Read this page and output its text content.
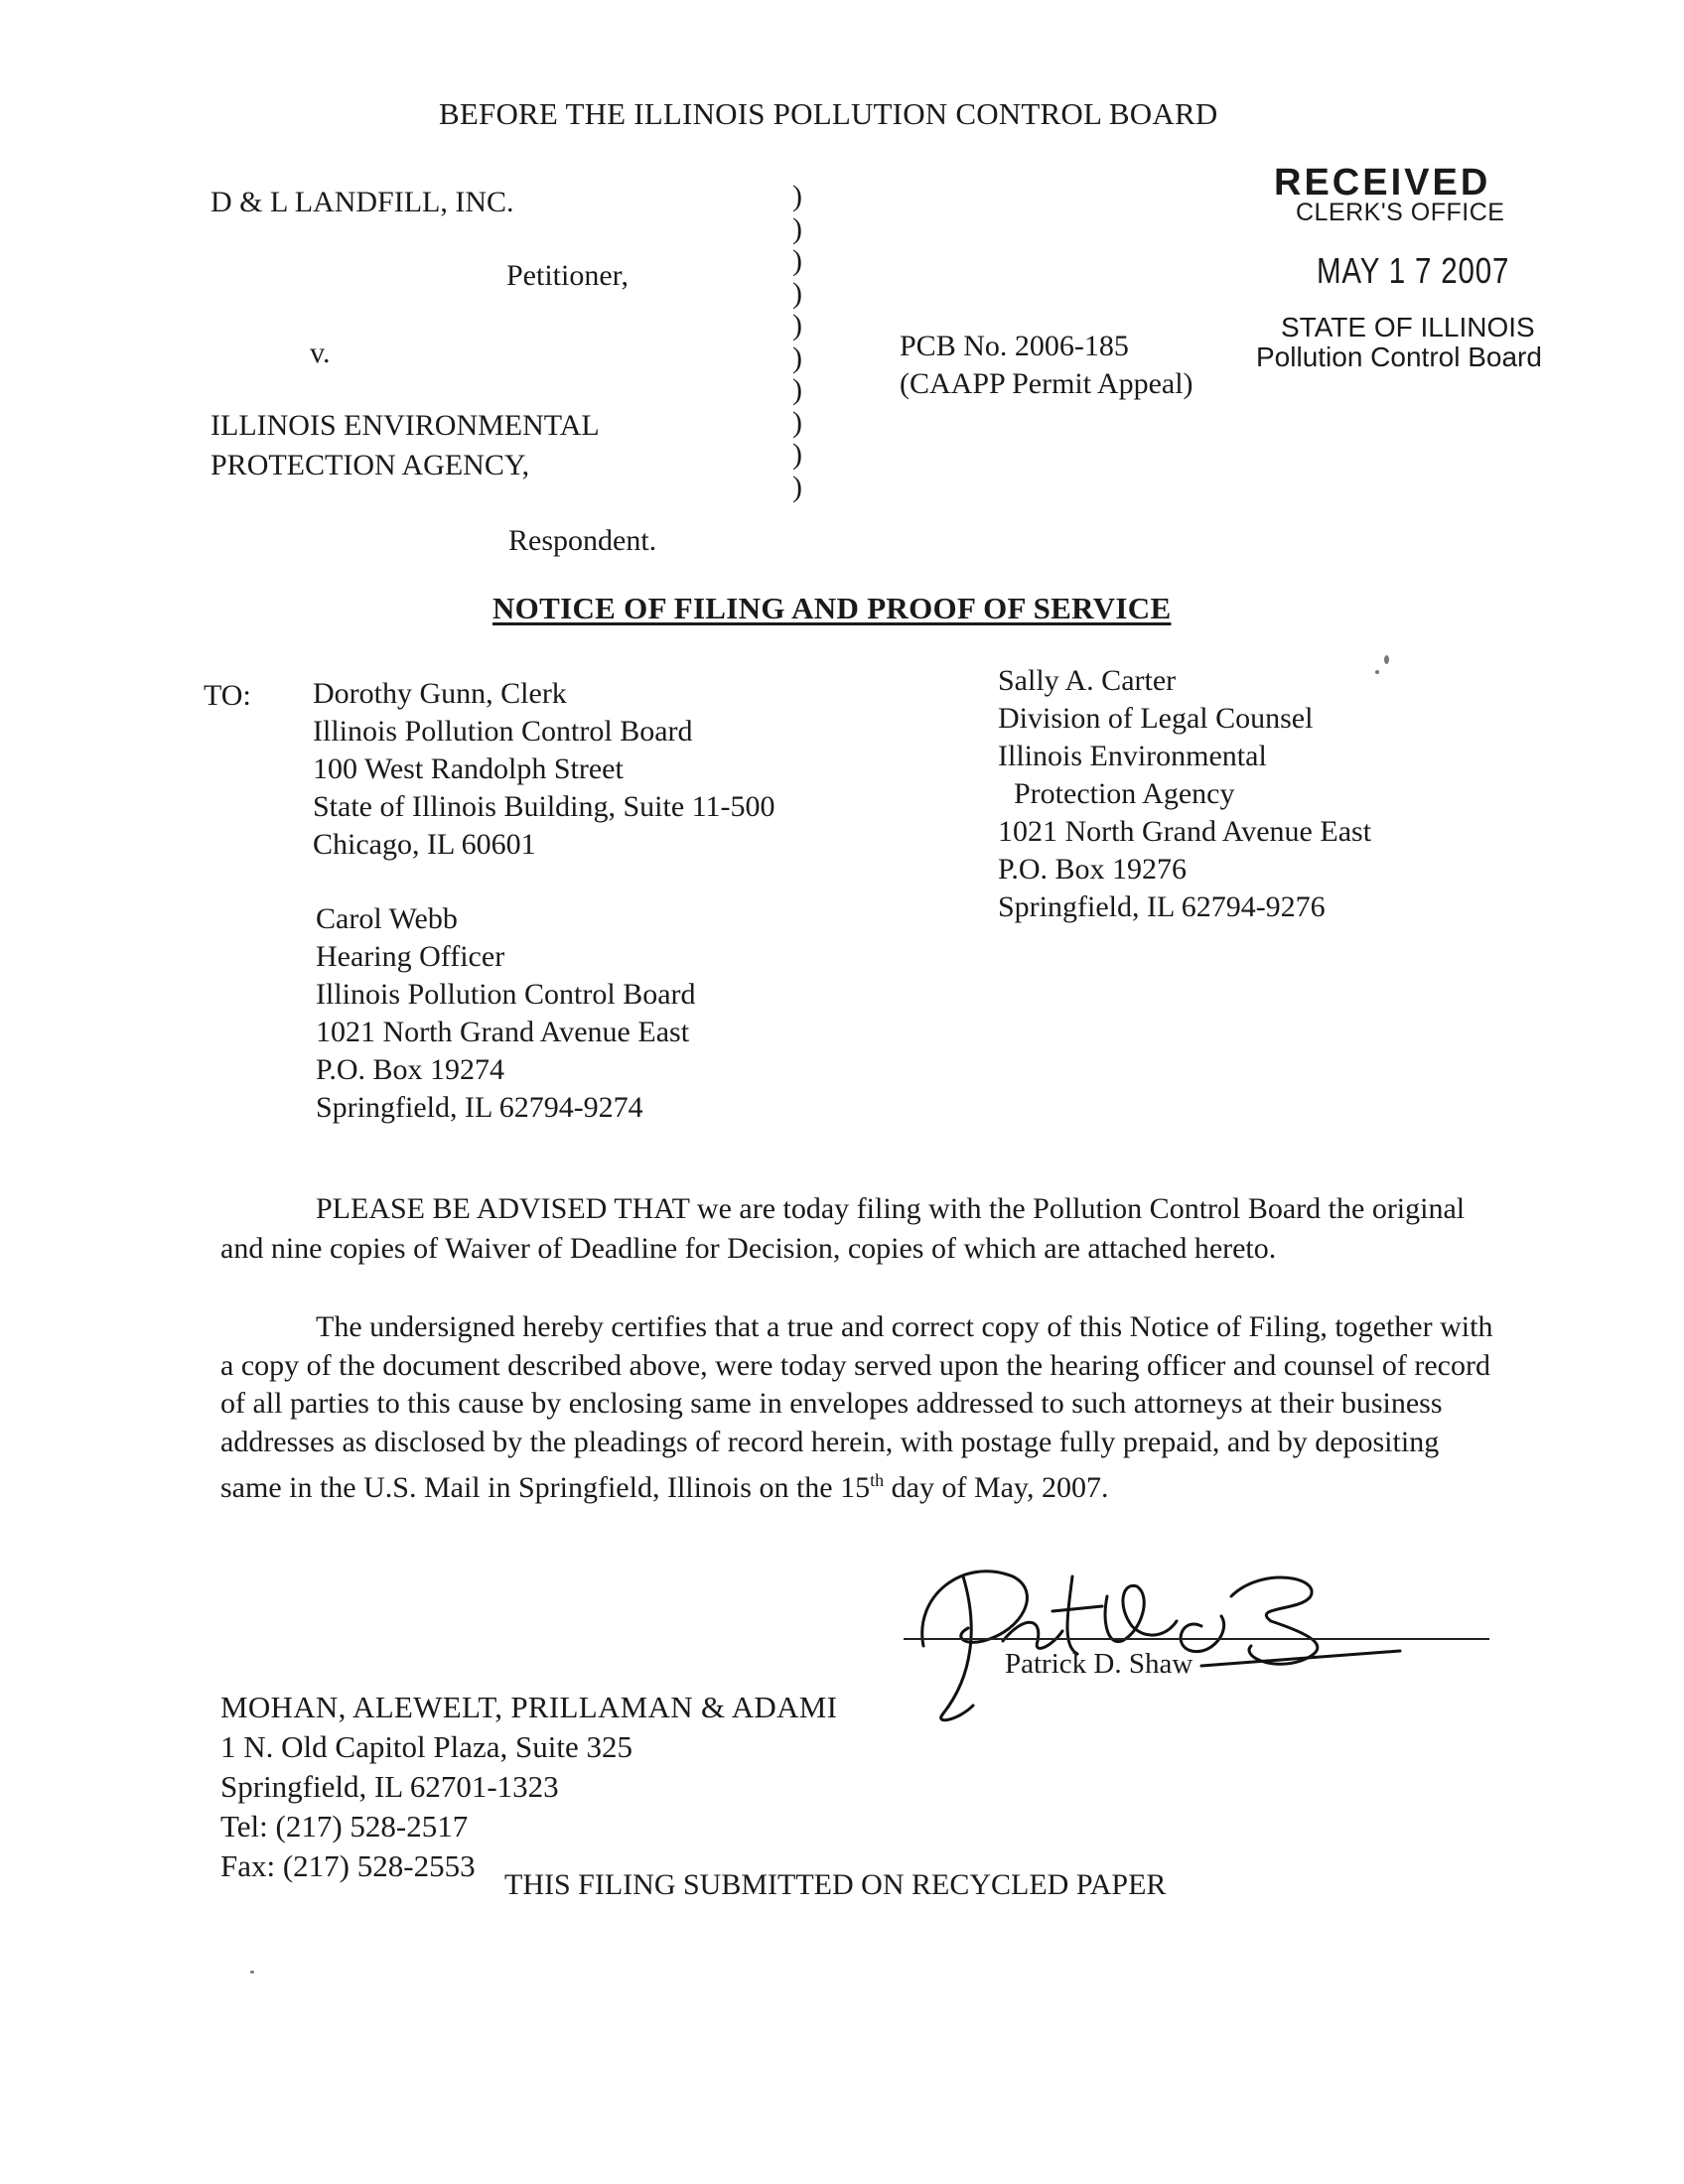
BEFORE THE ILLINOIS POLLUTION CONTROL BOARD
D & L LANDFILL, INC.
Petitioner,
v.
ILLINOIS ENVIRONMENTAL
PROTECTION AGENCY,
Respondent.
)
)
)
)
)
)
)
)
)
)
PCB No. 2006-185
(CAAPP Permit Appeal)
RECEIVED
CLERK'S OFFICE
MAY 1 7 2007
STATE OF ILLINOIS
Pollution Control Board
NOTICE OF FILING AND PROOF OF SERVICE
TO: Dorothy Gunn, Clerk
Illinois Pollution Control Board
100 West Randolph Street
State of Illinois Building, Suite 11-500
Chicago, IL 60601
Carol Webb
Hearing Officer
Illinois Pollution Control Board
1021 North Grand Avenue East
P.O. Box 19274
Springfield, IL 62794-9274
Sally A. Carter
Division of Legal Counsel
Illinois Environmental
Protection Agency
1021 North Grand Avenue East
P.O. Box 19276
Springfield, IL 62794-9276
PLEASE BE ADVISED THAT we are today filing with the Pollution Control Board the original and nine copies of Waiver of Deadline for Decision, copies of which are attached hereto.
The undersigned hereby certifies that a true and correct copy of this Notice of Filing, together with a copy of the document described above, were today served upon the hearing officer and counsel of record of all parties to this cause by enclosing same in envelopes addressed to such attorneys at their business addresses as disclosed by the pleadings of record herein, with postage fully prepaid, and by depositing same in the U.S. Mail in Springfield, Illinois on the 15th day of May, 2007.
Patrick D. Shaw
MOHAN, ALEWELT, PRILLAMAN & ADAMI
1 N. Old Capitol Plaza, Suite 325
Springfield, IL 62701-1323
Tel: (217) 528-2517
Fax: (217) 528-2553
THIS FILING SUBMITTED ON RECYCLED PAPER
